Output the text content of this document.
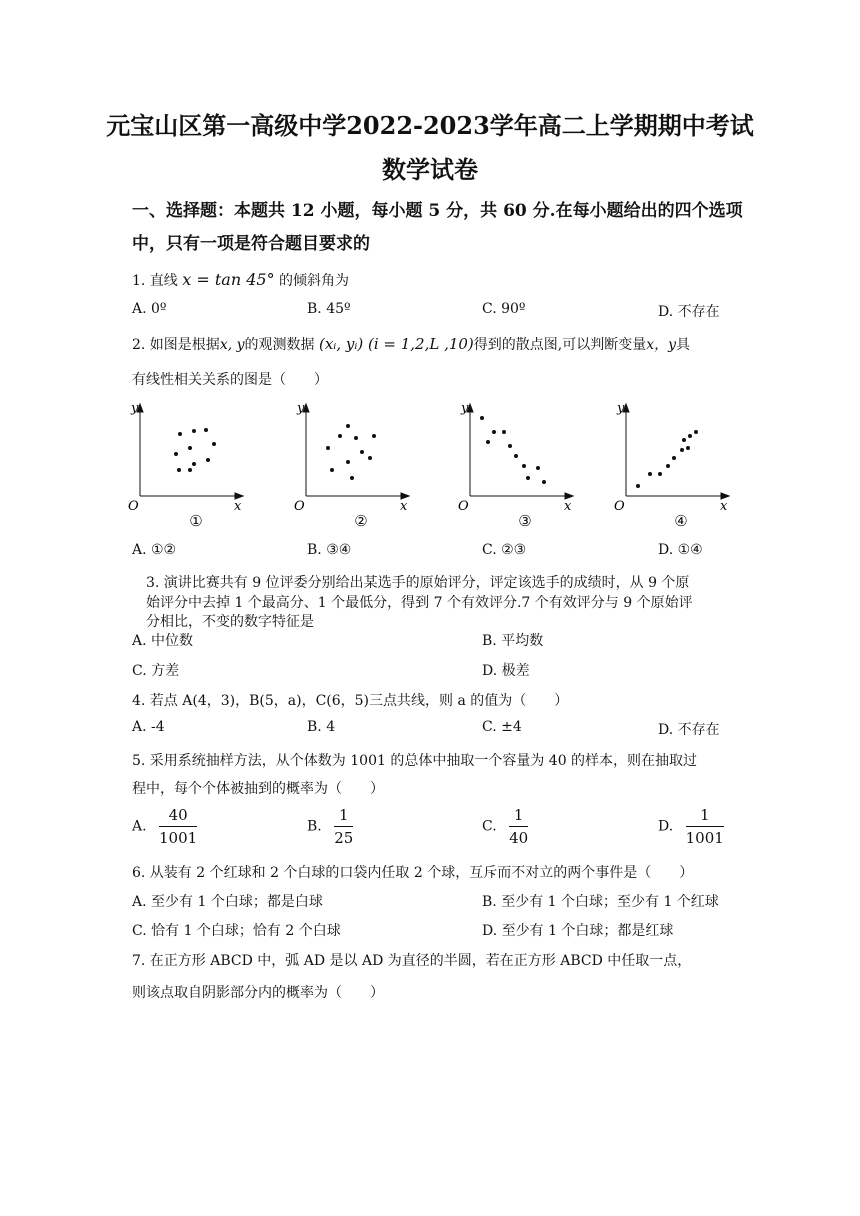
元宝山区第一高级中学2022-2023学年高二上学期期中考试
数学试卷
一、选择题：本题共 12 小题，每小题 5 分，共 60 分.在每小题给出的四个选项
中，只有一项是符合题目要求的
1. 直线 x = tan 45° 的倾斜角为
A. 0º	B. 45º	C. 90º	D. 不存在
2. 如图是根据x, y的观测数据 (xᵢ, yᵢ) (i = 1,2,L ,10)得到的散点图,可以判断变量x，y具
有线性相关关系的图是（　　）
y
x
O
y
x
O
y
x
O
y
x
O
①	②	③	④
A. ①②	B. ③④	C. ②③	D. ①④
3. 演讲比赛共有 9 位评委分别给出某选手的原始评分，评定该选手的成绩时，从 9 个原
始评分中去掉 1 个最高分、1 个最低分，得到 7 个有效评分.7 个有效评分与 9 个原始评
分相比，不变的数字特征是
A. 中位数	B. 平均数
C. 方差	D. 极差
4. 若点 A(4，3)，B(5，a)，C(6，5)三点共线，则 a 的值为（　　）
A. -4	B. 4	C. ±4	D. 不存在
5. 采用系统抽样方法，从个体数为 1001 的总体中抽取一个容量为 40 的样本，则在抽取过
程中，每个个体被抽到的概率为（　　）
A. $\frac{40}{1001}$	B. $\frac{1}{25}$	C. $\frac{1}{40}$	D. $\frac{1}{1001}$
6. 从装有 2 个红球和 2 个白球的口袋内任取 2 个球，互斥而不对立的两个事件是（　　）
A. 至少有 1 个白球；都是白球	B. 至少有 1 个白球；至少有 1 个红球
C. 恰有 1 个白球；恰有 2 个白球	D. 至少有 1 个白球；都是红球
7. 在正方形 ABCD 中，弧 AD 是以 AD 为直径的半圆，若在正方形 ABCD 中任取一点，
则该点取自阴影部分内的概率为（　　）
